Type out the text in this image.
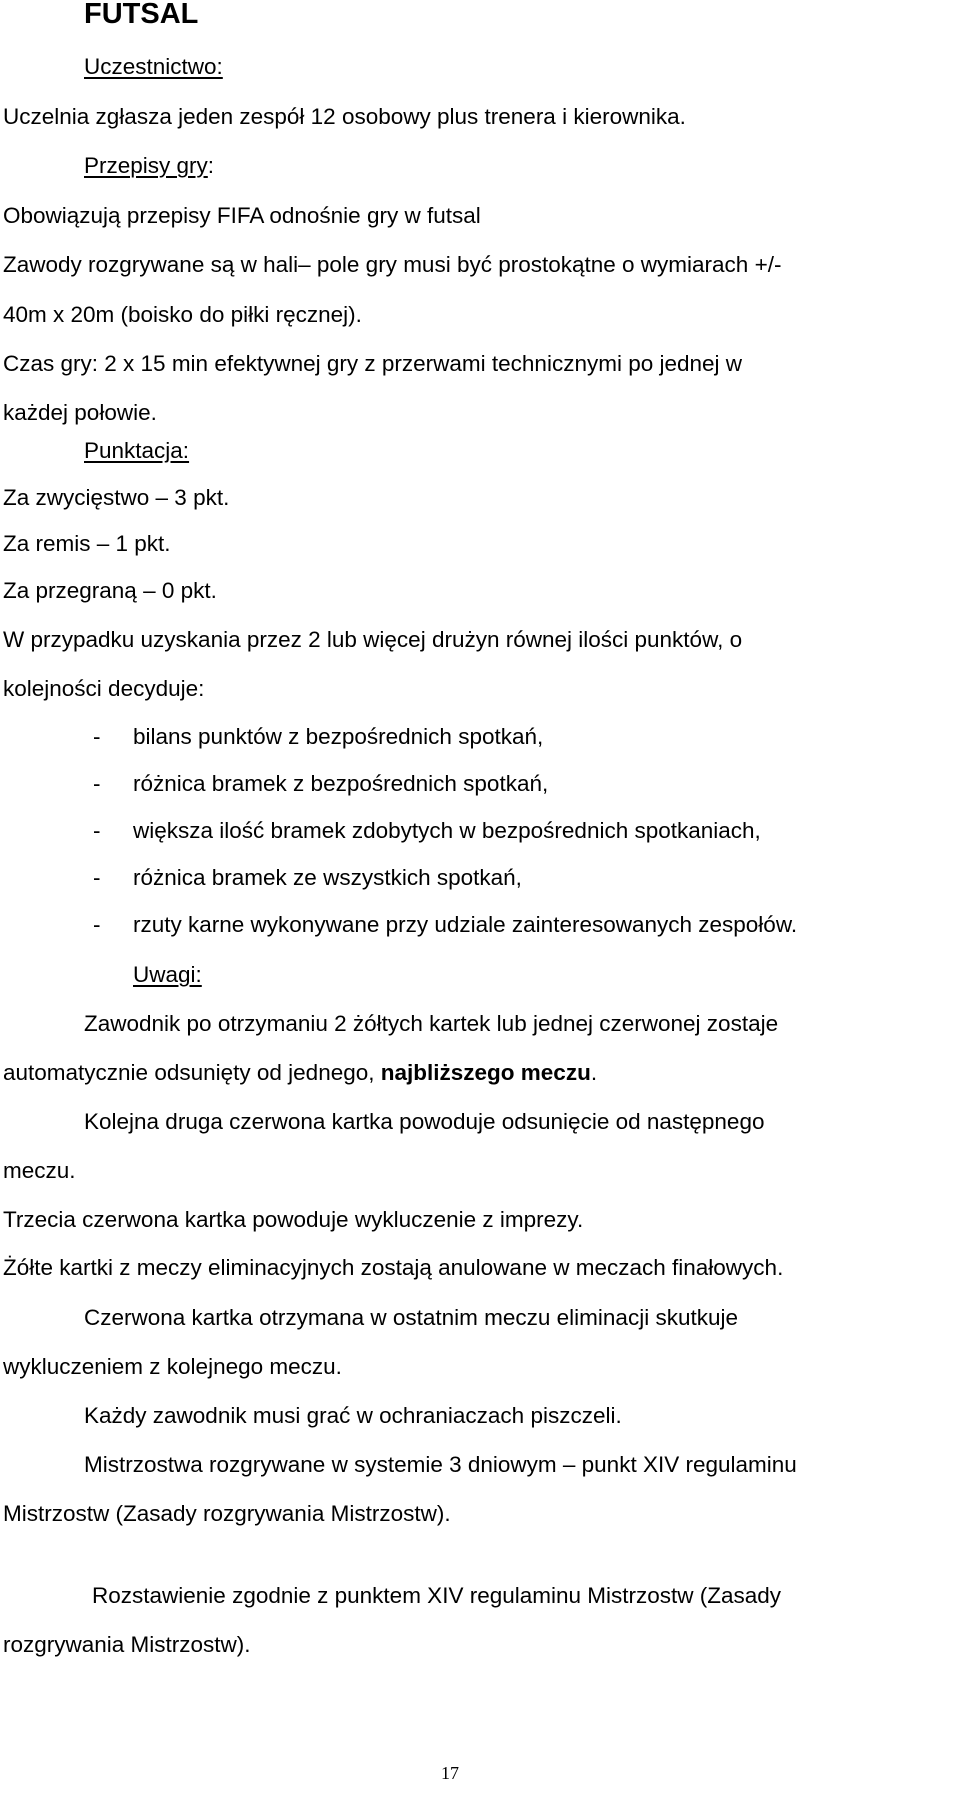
FUTSAL

Uczestnictwo:

Uczelnia zgłasza jeden zespół 12 osobowy plus trenera i kierownika.

Przepisy gry:

Obowiązują przepisy FIFA odnośnie gry w futsal

Zawody rozgrywane są w hali– pole gry musi być prostokątne o wymiarach +/-

40m x 20m (boisko do piłki ręcznej).

Czas gry: 2 x 15 min efektywnej gry z przerwami technicznymi po jednej w

każdej połowie.

Punktacja:

Za zwycięstwo – 3 pkt.

Za remis – 1 pkt.

Za przegraną – 0 pkt.

W przypadku uzyskania przez 2 lub więcej drużyn równej ilości punktów, o

kolejności decyduje:

- bilans punktów z bezpośrednich spotkań,
- różnica bramek z bezpośrednich spotkań,
- większa ilość bramek zdobytych w bezpośrednich spotkaniach,
- różnica bramek ze wszystkich spotkań,
- rzuty karne wykonywane przy udziale zainteresowanych zespołów.

Uwagi:

Zawodnik po otrzymaniu 2 żółtych kartek lub jednej czerwonej zostaje

automatycznie odsunięty od jednego, najbliższego meczu.

Kolejna druga czerwona kartka powoduje odsunięcie od następnego

meczu.

Trzecia czerwona kartka powoduje wykluczenie z imprezy.

Żółte kartki z meczy eliminacyjnych zostają anulowane w meczach finałowych.

Czerwona kartka otrzymana w ostatnim meczu eliminacji skutkuje

wykluczeniem z kolejnego meczu.

Każdy zawodnik musi grać w ochraniaczach piszczeli.

Mistrzostwa rozgrywane w systemie 3 dniowym – punkt XIV regulaminu

Mistrzostw (Zasady rozgrywania Mistrzostw).

Rozstawienie zgodnie z punktem XIV regulaminu Mistrzostw (Zasady

rozgrywania Mistrzostw).

17
